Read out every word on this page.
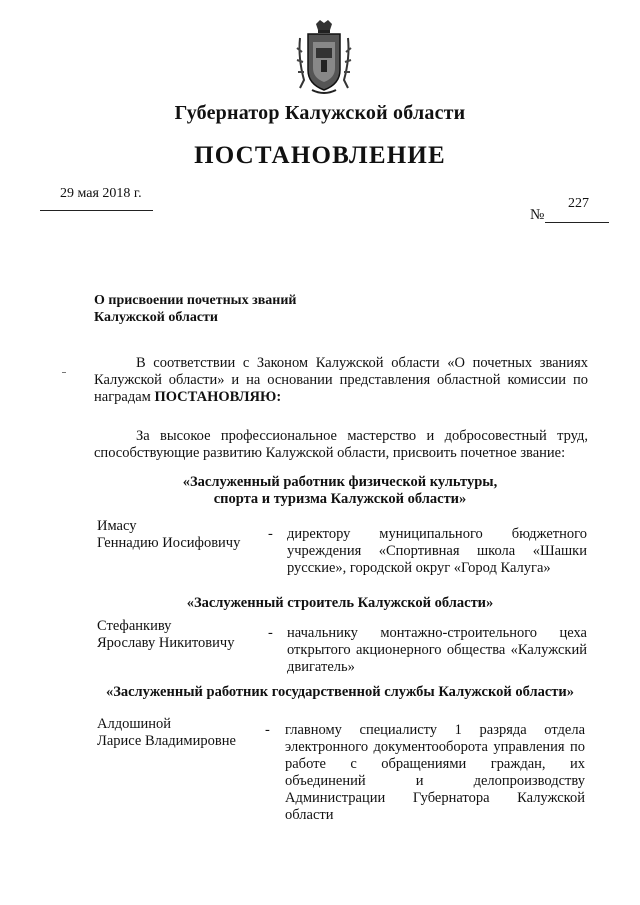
Губернатор Калужской области
ПОСТАНОВЛЕНИЕ
29 мая 2018 г.
227
№
О присвоении почетных званий
Калужской области
В соответствии с Законом Калужской области «О почетных званиях Калужской области» и на основании представления областной комиссии по наградам ПОСТАНОВЛЯЮ:
За высокое профессиональное мастерство и добросовестный труд, способствующие развитию Калужской области, присвоить почетное звание:
«Заслуженный работник физической культуры,
спорта и туризма Калужской области»
Имасу
Геннадию Иосифовичу
- директору муниципального бюджетного учреждения «Спортивная школа «Шашки русские», городской округ «Город Калуга»
«Заслуженный строитель Калужской области»
Стефанкиву
Ярославу Никитовичу
- начальнику монтажно-строительного цеха открытого акционерного общества «Калужский двигатель»
«Заслуженный работник государственной службы Калужской области»
Алдошиной
Ларисе Владимировне
- главному специалисту 1 разряда отдела электронного документооборота управления по работе с обращениями граждан, их объединений и делопроизводству Администрации Губернатора Калужской области
